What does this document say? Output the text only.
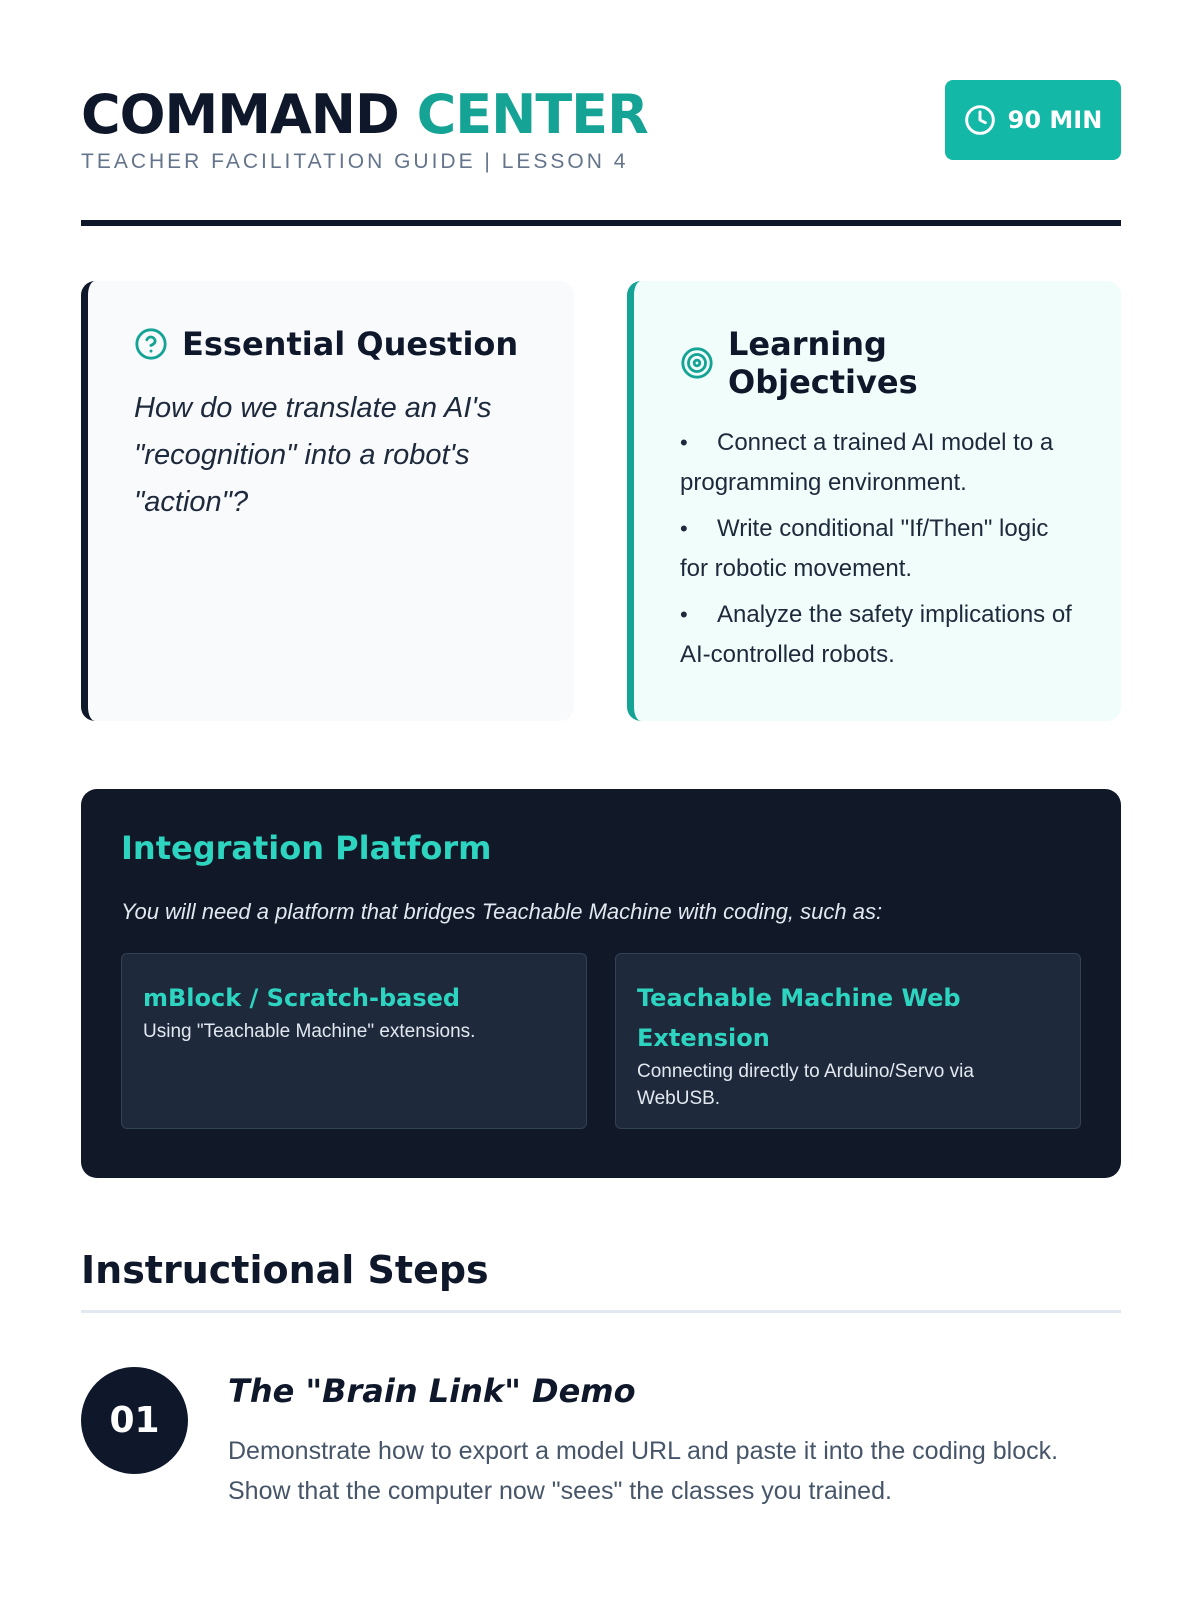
COMMAND CENTER
TEACHER FACILITATION GUIDE | LESSON 4
90 MIN
Essential Question

How do we translate an AI's "recognition" into a robot's "action"?

Learning Objectives
• Connect a trained AI model to a programming environment.
• Write conditional "If/Then" logic for robotic movement.
• Analyze the safety implications of AI-controlled robots.
Integration Platform

You will need a platform that bridges Teachable Machine with coding, such as:

mBlock / Scratch-based
Using "Teachable Machine" extensions.
Teachable Machine Web Extension
Connecting directly to Arduino/Servo via WebUSB.
Instructional Steps
01
The "Brain Link" Demo

Demonstrate how to export a model URL and paste it into the coding block. Show that the computer now "sees" the classes you trained.
